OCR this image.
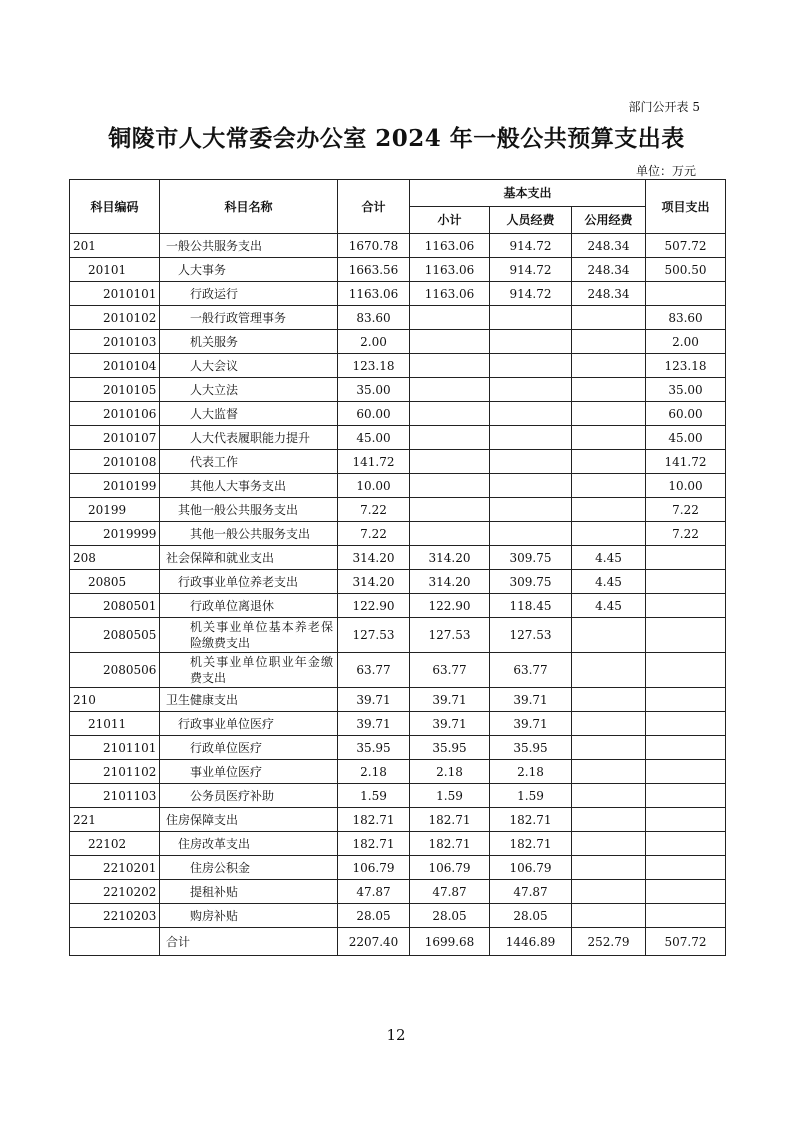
部门公开表 5
铜陵市人大常委会办公室 2024 年一般公共预算支出表
单位：万元
科目编码	科目名称	合计	基本支出			项目支出
			小计	人员经费	公用经费	
201	一般公共服务支出	1670.78	1163.06	914.72	248.34	507.72
20101	人大事务	1663.56	1163.06	914.72	248.34	500.50
2010101	行政运行	1163.06	1163.06	914.72	248.34	
2010102	一般行政管理事务	83.60				83.60
2010103	机关服务	2.00				2.00
2010104	人大会议	123.18				123.18
2010105	人大立法	35.00				35.00
2010106	人大监督	60.00				60.00
2010107	人大代表履职能力提升	45.00				45.00
2010108	代表工作	141.72				141.72
2010199	其他人大事务支出	10.00				10.00
20199	其他一般公共服务支出	7.22				7.22
2019999	其他一般公共服务支出	7.22				7.22
208	社会保障和就业支出	314.20	314.20	309.75	4.45	
20805	行政事业单位养老支出	314.20	314.20	309.75	4.45	
2080501	行政单位离退休	122.90	122.90	118.45	4.45	
2080505	机关事业单位基本养老保险缴费支出	127.53	127.53	127.53		
2080506	机关事业单位职业年金缴费支出	63.77	63.77	63.77		
210	卫生健康支出	39.71	39.71	39.71		
21011	行政事业单位医疗	39.71	39.71	39.71		
2101101	行政单位医疗	35.95	35.95	35.95		
2101102	事业单位医疗	2.18	2.18	2.18		
2101103	公务员医疗补助	1.59	1.59	1.59		
221	住房保障支出	182.71	182.71	182.71		
22102	住房改革支出	182.71	182.71	182.71		
2210201	住房公积金	106.79	106.79	106.79		
2210202	提租补贴	47.87	47.87	47.87		
2210203	购房补贴	28.05	28.05	28.05		
	合计	2207.40	1699.68	1446.89	252.79	507.72
12
